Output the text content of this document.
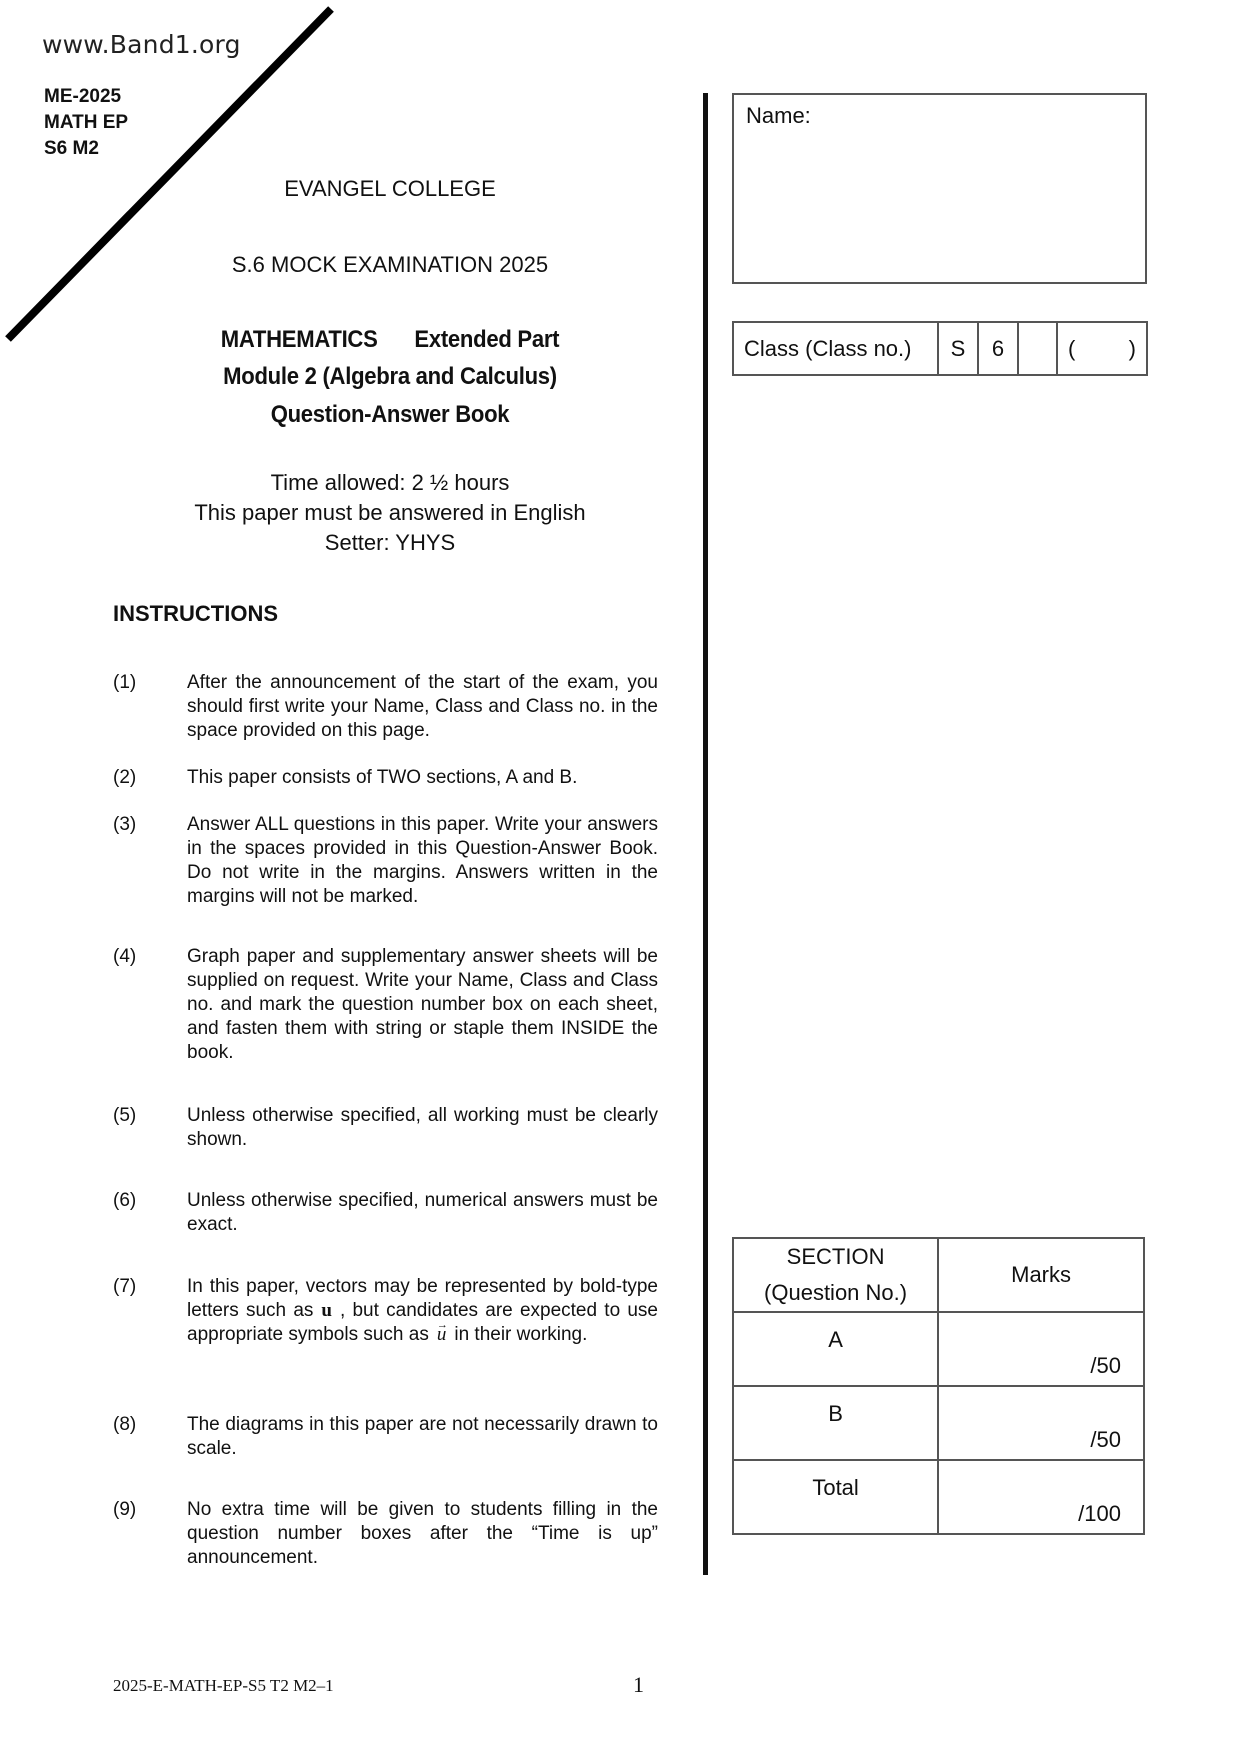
www.Band1.org
ME-2025
MATH EP
S6 M2
EVANGEL COLLEGE
S.6 MOCK EXAMINATION 2025
MATHEMATICS Extended Part
Module 2 (Algebra and Calculus)
Question-Answer Book
Time allowed: 2 ½ hours
This paper must be answered in English
Setter: YHYS
INSTRUCTIONS
(1)	After the announcement of the start of the exam, you should first write your Name, Class and Class no. in the space provided on this page.
(2)	This paper consists of TWO sections, A and B.
(3)	Answer ALL questions in this paper. Write your answers in the spaces provided in this Question-Answer Book. Do not write in the margins. Answers written in the margins will not be marked.
(4)	Graph paper and supplementary answer sheets will be supplied on request. Write your Name, Class and Class no. and mark the question number box on each sheet, and fasten them with string or staple them INSIDE the book.
(5)	Unless otherwise specified, all working must be clearly shown.
(6)	Unless otherwise specified, numerical answers must be exact.
(7)	In this paper, vectors may be represented by bold-type letters such as u , but candidates are expected to use appropriate symbols such as → u in their working.
(8)	The diagrams in this paper are not necessarily drawn to scale.
(9)	No extra time will be given to students filling in the question number boxes after the “Time is up” announcement.
Name:
Class (Class no.)	S	6	( )
SECTION
(Question No.)	Marks

A	/50

B	/50

Total	/100
2025-E-MATH-EP-S5 T2 M2–1	1
